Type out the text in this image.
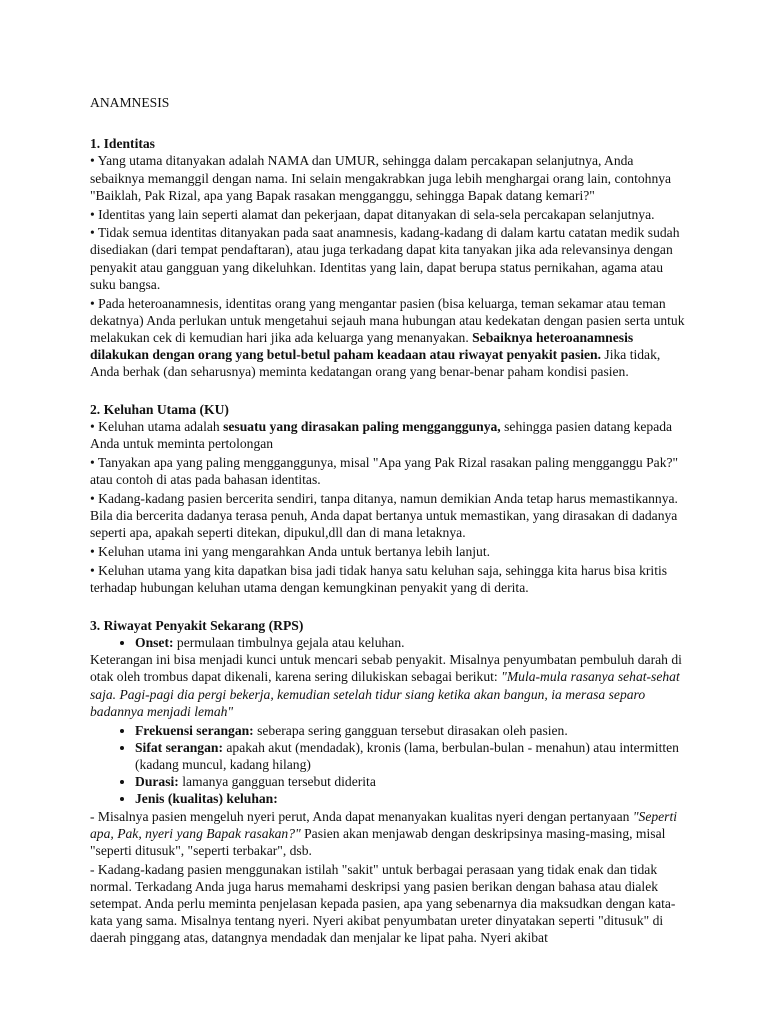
ANAMNESIS
1. Identitas
• Yang utama ditanyakan adalah NAMA dan UMUR, sehingga dalam percakapan selanjutnya, Anda sebaiknya memanggil dengan nama. Ini selain mengakrabkan juga lebih menghargai orang lain, contohnya "Baiklah, Pak Rizal, apa yang Bapak rasakan mengganggu, sehingga Bapak datang kemari?"
• Identitas yang lain seperti alamat dan pekerjaan, dapat ditanyakan di sela-sela percakapan selanjutnya.
• Tidak semua identitas ditanyakan pada saat anamnesis, kadang-kadang di dalam kartu catatan medik sudah disediakan (dari tempat pendaftaran), atau juga terkadang dapat kita tanyakan jika ada relevansinya dengan penyakit atau gangguan yang dikeluhkan. Identitas yang lain, dapat berupa status pernikahan, agama atau suku bangsa.
• Pada heteroanamnesis, identitas orang yang mengantar pasien (bisa keluarga, teman sekamar atau teman dekatnya) Anda perlukan untuk mengetahui sejauh mana hubungan atau kedekatan dengan pasien serta untuk melakukan cek di kemudian hari jika ada keluarga yang menanyakan. Sebaiknya heteroanamnesis dilakukan dengan orang yang betul-betul paham keadaan atau riwayat penyakit pasien. Jika tidak, Anda berhak (dan seharusnya) meminta kedatangan orang yang benar-benar paham kondisi pasien.
2. Keluhan Utama (KU)
• Keluhan utama adalah sesuatu yang dirasakan paling mengganggunya, sehingga pasien datang kepada Anda untuk meminta pertolongan
• Tanyakan apa yang paling mengganggunya, misal "Apa yang Pak Rizal rasakan paling mengganggu Pak?" atau contoh di atas pada bahasan identitas.
• Kadang-kadang pasien bercerita sendiri, tanpa ditanya, namun demikian Anda tetap harus memastikannya. Bila dia bercerita dadanya terasa penuh, Anda dapat bertanya untuk memastikan, yang dirasakan di dadanya seperti apa, apakah seperti ditekan, dipukul,dll dan di mana letaknya.
• Keluhan utama ini yang mengarahkan Anda untuk bertanya lebih lanjut.
• Keluhan utama yang kita dapatkan bisa jadi tidak hanya satu keluhan saja, sehingga kita harus bisa kritis terhadap hubungan keluhan utama dengan kemungkinan penyakit yang di derita.
3. Riwayat Penyakit Sekarang (RPS)
• Onset: permulaan timbulnya gejala atau keluhan.
Keterangan ini bisa menjadi kunci untuk mencari sebab penyakit. Misalnya penyumbatan pembuluh darah di otak oleh trombus dapat dikenali, karena sering dilukiskan sebagai berikut: "Mula-mula rasanya sehat-sehat saja. Pagi-pagi dia pergi bekerja, kemudian setelah tidur siang ketika akan bangun, ia merasa separo badannya menjadi lemah"
• Frekuensi serangan: seberapa sering gangguan tersebut dirasakan oleh pasien.
• Sifat serangan: apakah akut (mendadak), kronis (lama, berbulan-bulan - menahun) atau intermitten (kadang muncul, kadang hilang)
• Durasi: lamanya gangguan tersebut diderita
• Jenis (kualitas) keluhan:
- Misalnya pasien mengeluh nyeri perut, Anda dapat menanyakan kualitas nyeri dengan pertanyaan "Seperti apa, Pak, nyeri yang Bapak rasakan?" Pasien akan menjawab dengan deskripsinya masing-masing, misal "seperti ditusuk", "seperti terbakar", dsb.
- Kadang-kadang pasien menggunakan istilah "sakit" untuk berbagai perasaan yang tidak enak dan tidak normal. Terkadang Anda juga harus memahami deskripsi yang pasien berikan dengan bahasa atau dialek setempat. Anda perlu meminta penjelasan kepada pasien, apa yang sebenarnya dia maksudkan dengan kata-kata yang sama. Misalnya tentang nyeri. Nyeri akibat penyumbatan ureter dinyatakan seperti "ditusuk" di daerah pinggang atas, datangnya mendadak dan menjalar ke lipat paha. Nyeri akibat
